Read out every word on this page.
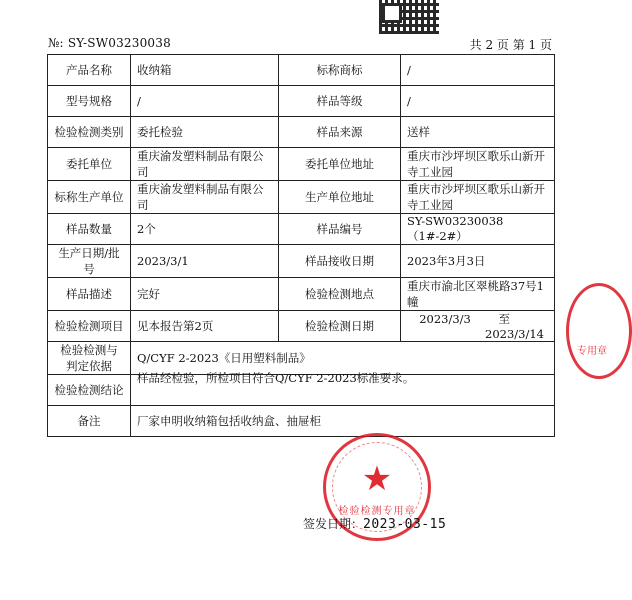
№: SY-SW03230038	共 2 页 第 1 页
产品名称	收纳箱	标称商标	/
型号规格	/	样品等级	/
检验检测类别	委托检验	样品来源	送样
委托单位	重庆渝发塑料制品有限公司	委托单位地址	重庆市沙坪坝区歌乐山新开寺工业园
标称生产单位	重庆渝发塑料制品有限公司	生产单位地址	重庆市沙坪坝区歌乐山新开寺工业园
样品数量	2个	样品编号	SY-SW03230038（1#-2#）
生产日期/批号	2023/3/1	样品接收日期	2023年3月3日
样品描述	完好	检验检测地点	重庆市渝北区翠桃路37号1幢
检验检测项目	见本报告第2页	检验检测日期	2023/3/3 至 2023/3/14
检验检测与判定依据	Q/CYF 2-2023《日用塑料制品》		
检验检测结论	样品经检验，所检项目符合Q/CYF 2-2023标准要求。		

备注	厂家申明收纳箱包括收纳盒、抽屉柜		
★
检验检测专用章
签发日期：2023-03-15
专用章
